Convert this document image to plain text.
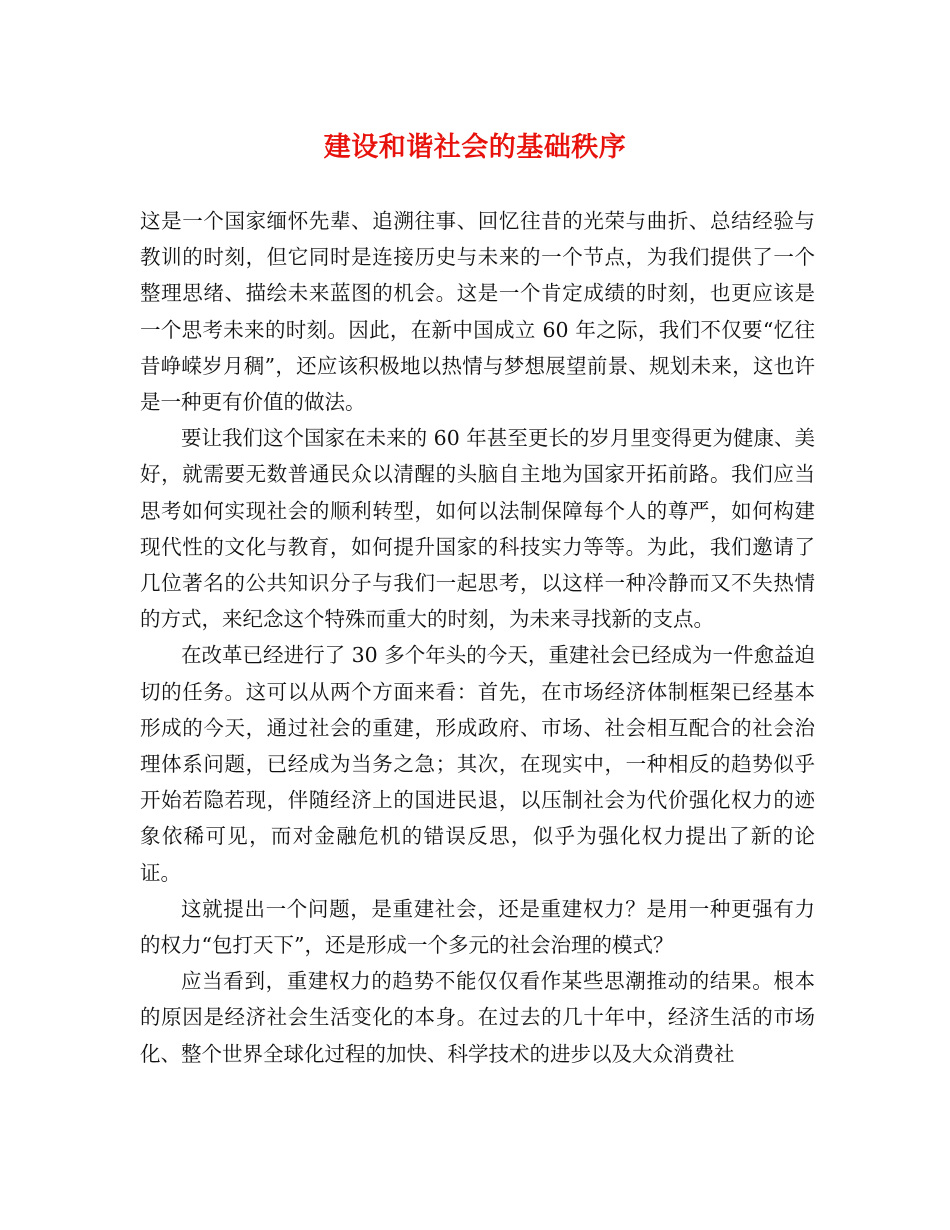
建设和谐社会的基础秩序

这是一个国家缅怀先辈、追溯往事、回忆往昔的光荣与曲折、总结经验与教训的时刻，但它同时是连接历史与未来的一个节点，为我们提供了一个整理思绪、描绘未来蓝图的机会。这是一个肯定成绩的时刻，也更应该是一个思考未来的时刻。因此，在新中国成立 60 年之际，我们不仅要“忆往昔峥嵘岁月稠”，还应该积极地以热情与梦想展望前景、规划未来，这也许是一种更有价值的做法。

要让我们这个国家在未来的 60 年甚至更长的岁月里变得更为健康、美好，就需要无数普通民众以清醒的头脑自主地为国家开拓前路。我们应当思考如何实现社会的顺利转型，如何以法制保障每个人的尊严，如何构建现代性的文化与教育，如何提升国家的科技实力等等。为此，我们邀请了几位著名的公共知识分子与我们一起思考，以这样一种冷静而又不失热情的方式，来纪念这个特殊而重大的时刻，为未来寻找新的支点。

在改革已经进行了 30 多个年头的今天，重建社会已经成为一件愈益迫切的任务。这可以从两个方面来看：首先，在市场经济体制框架已经基本形成的今天，通过社会的重建，形成政府、市场、社会相互配合的社会治理体系问题，已经成为当务之急；其次，在现实中，一种相反的趋势似乎开始若隐若现，伴随经济上的国进民退，以压制社会为代价强化权力的迹象依稀可见，而对金融危机的错误反思，似乎为强化权力提出了新的论证。

这就提出一个问题，是重建社会，还是重建权力？是用一种更强有力的权力“包打天下”，还是形成一个多元的社会治理的模式？

应当看到，重建权力的趋势不能仅仅看作某些思潮推动的结果。根本的原因是经济社会生活变化的本身。在过去的几十年中，经济生活的市场化、整个世界全球化过程的加快、科学技术的进步以及大众消费社
